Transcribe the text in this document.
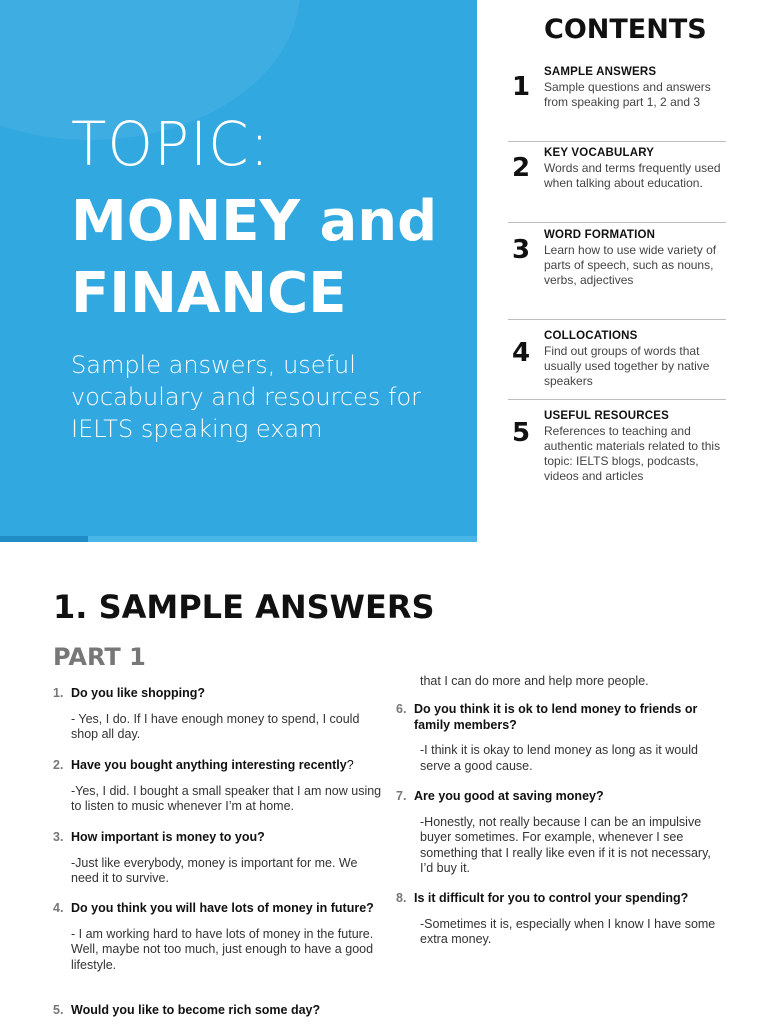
TOPIC:
MONEY and
FINANCE
Sample answers, useful vocabulary and resources for IELTS speaking exam
CONTENTS
1 SAMPLE ANSWERS
Sample questions and answers from speaking part 1, 2 and 3
2 KEY VOCABULARY
Words and terms frequently used when talking about education.
3 WORD FORMATION
Learn how to use wide variety of parts of speech, such as nouns, verbs, adjectives
4
COLLOCATIONS
Find out groups of words that usually used together by native speakers
5
USEFUL RESOURCES
References to teaching and authentic materials related to this topic: IELTS blogs, podcasts, videos and articles
1. SAMPLE ANSWERS
PART 1
1. Do you like shopping?
- Yes, I do. If I have enough money to spend, I could shop all day.
2. Have you bought anything interesting recently?
-Yes, I did. I bought a small speaker that I am now using to listen to music whenever I’m at home.
3. How important is money to you?
-Just like everybody, money is important for me. We need it to survive.
4. Do you think you will have lots of money in future?
- I am working hard to have lots of money in the future. Well, maybe not too much, just enough to have a good lifestyle.
5. Would you like to become rich some day?
that I can do more and help more people.
6. Do you think it is ok to lend money to friends or family members?
-I think it is okay to lend money as long as it would serve a good cause.
7. Are you good at saving money?
-Honestly, not really because I can be an impulsive buyer sometimes. For example, whenever I see something that I really like even if it is not necessary, I’d buy it.
8. Is it difficult for you to control your spending?
-Sometimes it is, especially when I know I have some extra money.
